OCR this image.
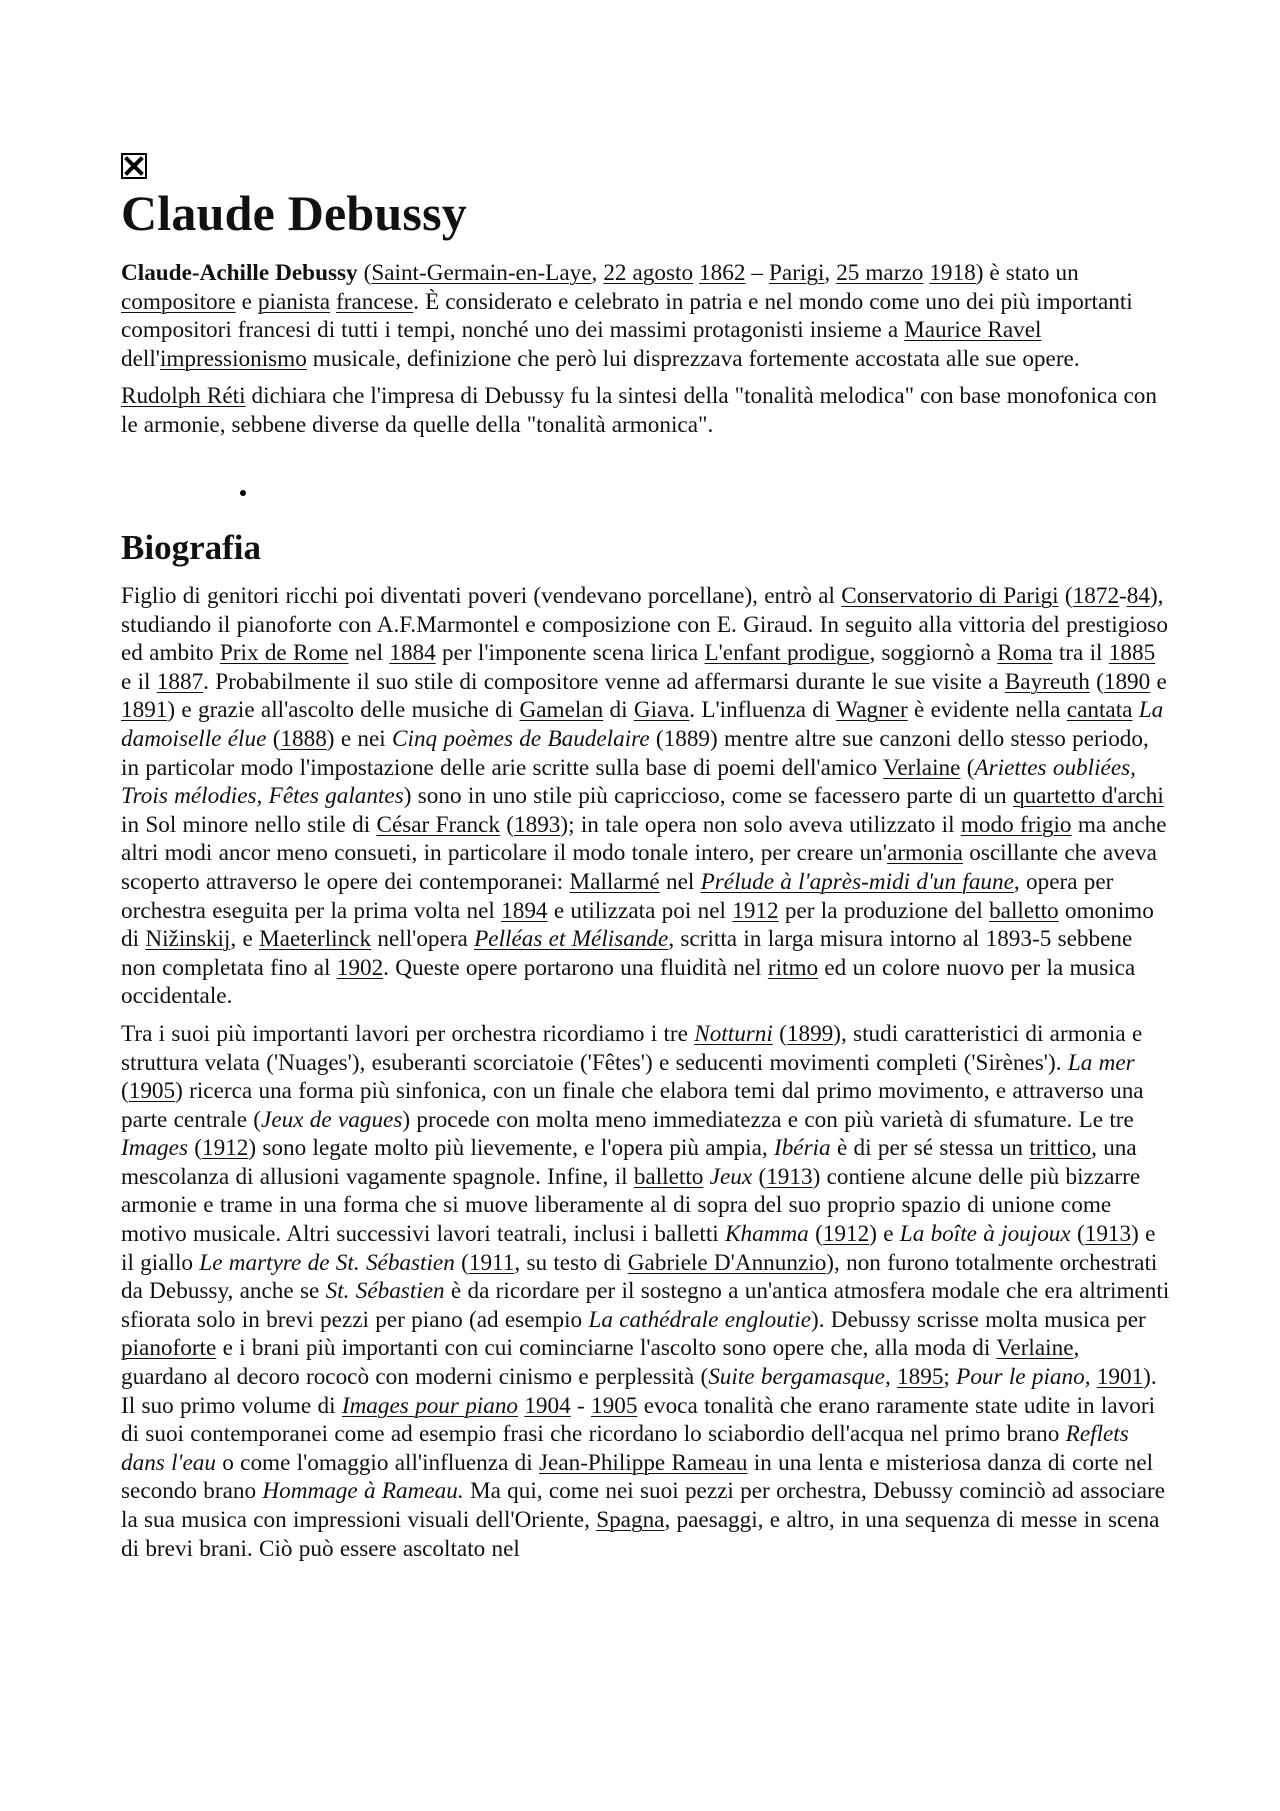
Claude Debussy

Claude-Achille Debussy (Saint-Germain-en-Laye, 22 agosto 1862 – Parigi, 25 marzo 1918) è stato un compositore e pianista francese. È considerato e celebrato in patria e nel mondo come uno dei più importanti compositori francesi di tutti i tempi, nonché uno dei massimi protagonisti insieme a Maurice Ravel dell'impressionismo musicale, definizione che però lui disprezzava fortemente accostata alle sue opere.

Rudolph Réti dichiara che l'impresa di Debussy fu la sintesi della "tonalità melodica" con base monofonica con le armonie, sebbene diverse da quelle della "tonalità armonica".

Biografia

Figlio di genitori ricchi poi diventati poveri (vendevano porcellane), entrò al Conservatorio di Parigi (1872-84), studiando il pianoforte con A.F.Marmontel e composizione con E. Giraud. In seguito alla vittoria del prestigioso ed ambito Prix de Rome nel 1884 per l'imponente scena lirica L'enfant prodigue, soggiornò a Roma tra il 1885 e il 1887. Probabilmente il suo stile di compositore venne ad affermarsi durante le sue visite a Bayreuth (1890 e 1891) e grazie all'ascolto delle musiche di Gamelan di Giava. L'influenza di Wagner è evidente nella cantata La damoiselle élue (1888) e nei Cinq poèmes de Baudelaire (1889) mentre altre sue canzoni dello stesso periodo, in particolar modo l'impostazione delle arie scritte sulla base di poemi dell'amico Verlaine (Ariettes oubliées, Trois mélodies, Fêtes galantes) sono in uno stile più capriccioso, come se facessero parte di un quartetto d'archi in Sol minore nello stile di César Franck (1893); in tale opera non solo aveva utilizzato il modo frigio ma anche altri modi ancor meno consueti, in particolare il modo tonale intero, per creare un'armonia oscillante che aveva scoperto attraverso le opere dei contemporanei: Mallarmé nel Prélude à l'après-midi d'un faune, opera per orchestra eseguita per la prima volta nel 1894 e utilizzata poi nel 1912 per la produzione del balletto omonimo di Nižinskij, e Maeterlinck nell'opera Pelléas et Mélisande, scritta in larga misura intorno al 1893-5 sebbene non completata fino al 1902. Queste opere portarono una fluidità nel ritmo ed un colore nuovo per la musica occidentale.

Tra i suoi più importanti lavori per orchestra ricordiamo i tre Notturni (1899), studi caratteristici di armonia e struttura velata ('Nuages'), esuberanti scorciatoie ('Fêtes') e seducenti movimenti completi ('Sirènes'). La mer (1905) ricerca una forma più sinfonica, con un finale che elabora temi dal primo movimento, e attraverso una parte centrale (Jeux de vagues) procede con molta meno immediatezza e con più varietà di sfumature. Le tre Images (1912) sono legate molto più lievemente, e l'opera più ampia, Ibéria è di per sé stessa un trittico, una mescolanza di allusioni vagamente spagnole. Infine, il balletto Jeux (1913) contiene alcune delle più bizzarre armonie e trame in una forma che si muove liberamente al di sopra del suo proprio spazio di unione come motivo musicale. Altri successivi lavori teatrali, inclusi i balletti Khamma (1912) e La boîte à joujoux (1913) e il giallo Le martyre de St. Sébastien (1911, su testo di Gabriele D'Annunzio), non furono totalmente orchestrati da Debussy, anche se St. Sébastien è da ricordare per il sostegno a un'antica atmosfera modale che era altrimenti sfiorata solo in brevi pezzi per piano (ad esempio La cathédrale engloutie). Debussy scrisse molta musica per pianoforte e i brani più importanti con cui cominciarne l'ascolto sono opere che, alla moda di Verlaine, guardano al decoro rococò con moderni cinismo e perplessità (Suite bergamasque, 1895; Pour le piano, 1901). Il suo primo volume di Images pour piano 1904 - 1905 evoca tonalità che erano raramente state udite in lavori di suoi contemporanei come ad esempio frasi che ricordano lo sciabordio dell'acqua nel primo brano Reflets dans l'eau o come l'omaggio all'influenza di Jean-Philippe Rameau in una lenta e misteriosa danza di corte nel secondo brano Hommage à Rameau. Ma qui, come nei suoi pezzi per orchestra, Debussy cominciò ad associare la sua musica con impressioni visuali dell'Oriente, Spagna, paesaggi, e altro, in una sequenza di messe in scena di brevi brani. Ciò può essere ascoltato nel
